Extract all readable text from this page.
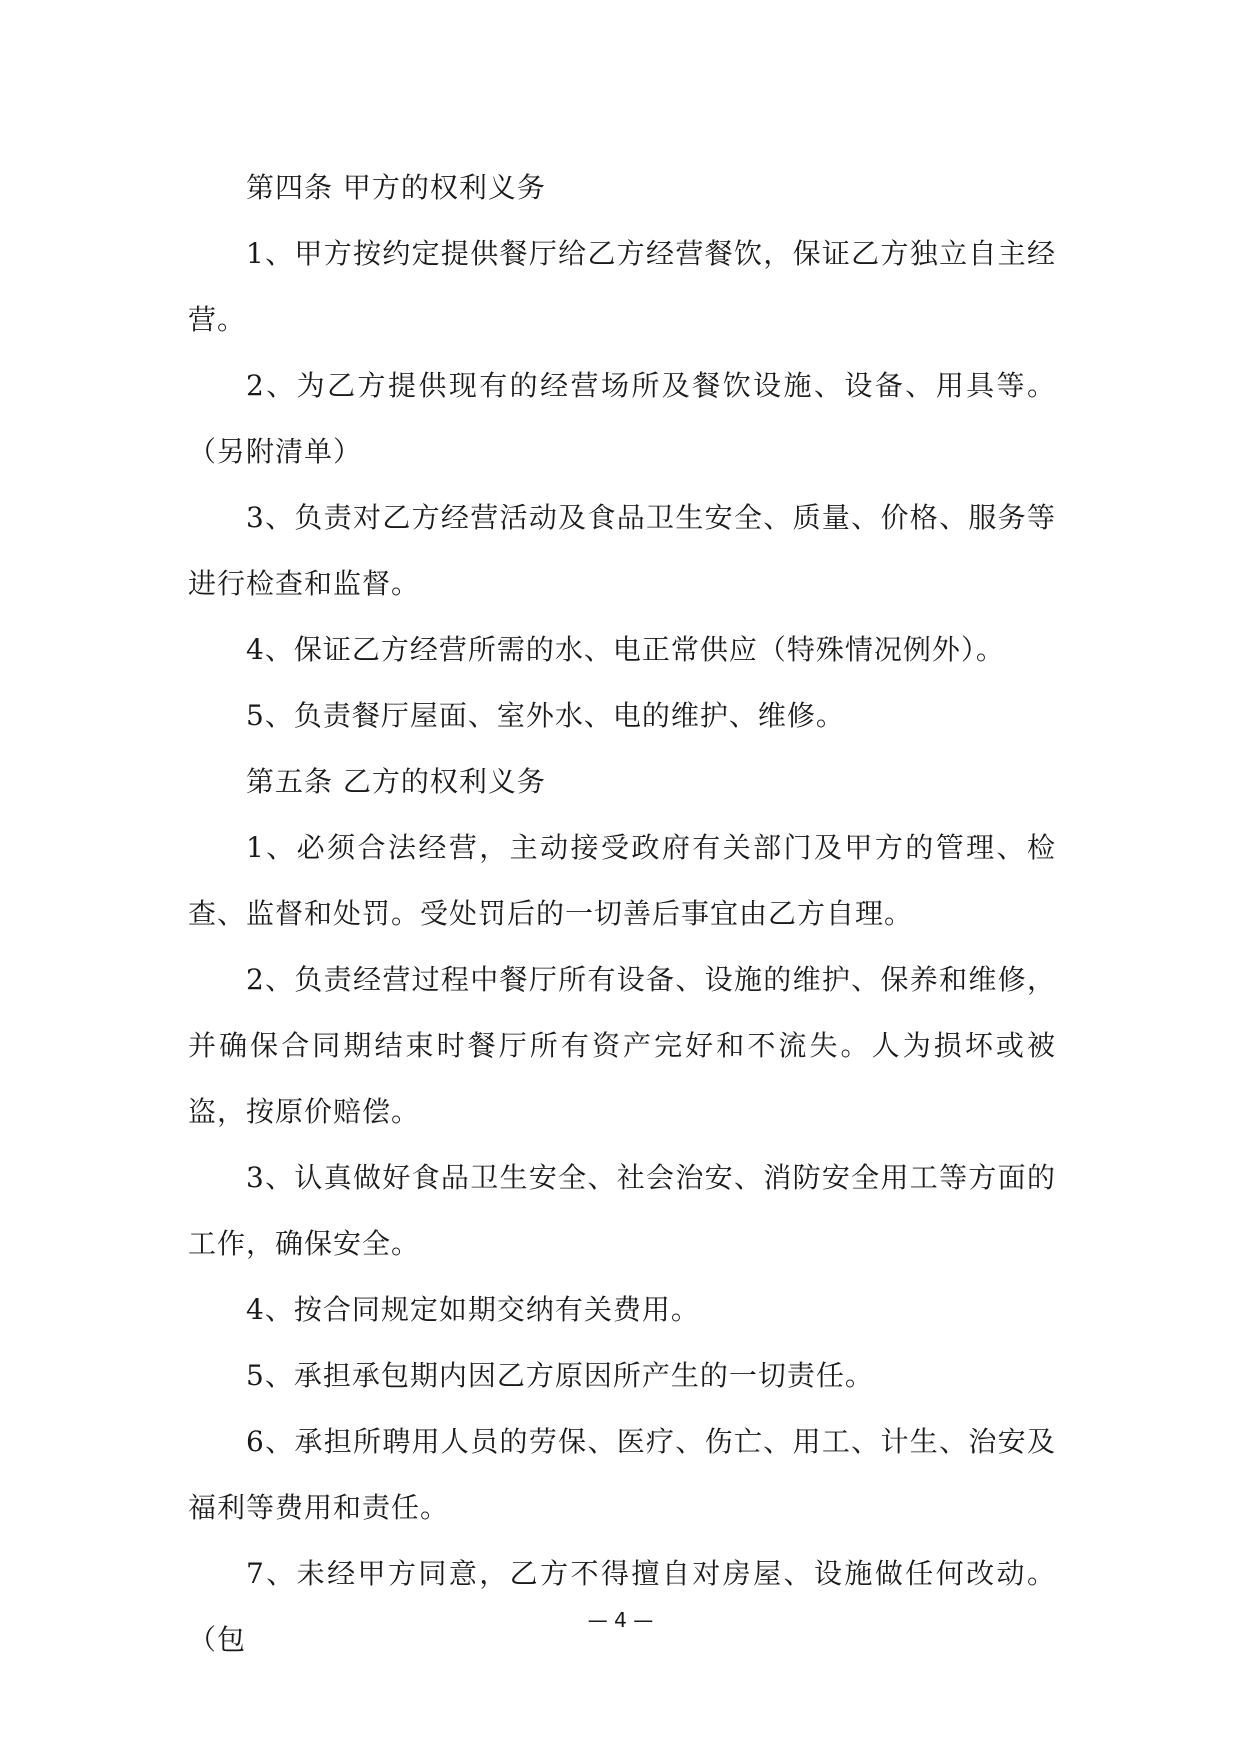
第四条 甲方的权利义务

1、甲方按约定提供餐厅给乙方经营餐饮，保证乙方独立自主经营。

2、为乙方提供现有的经营场所及餐饮设施、设备、用具等。（另附清单）

3、负责对乙方经营活动及食品卫生安全、质量、价格、服务等进行检查和监督。

4、保证乙方经营所需的水、电正常供应（特殊情况例外）。

5、负责餐厅屋面、室外水、电的维护、维修。

第五条 乙方的权利义务

1、必须合法经营，主动接受政府有关部门及甲方的管理、检查、监督和处罚。受处罚后的一切善后事宜由乙方自理。

2、负责经营过程中餐厅所有设备、设施的维护、保养和维修，并确保合同期结束时餐厅所有资产完好和不流失。人为损坏或被盗，按原价赔偿。

3、认真做好食品卫生安全、社会治安、消防安全用工等方面的工作，确保安全。

4、按合同规定如期交纳有关费用。

5、承担承包期内因乙方原因所产生的一切责任。

6、承担所聘用人员的劳保、医疗、伤亡、用工、计生、治安及福利等费用和责任。

7、未经甲方同意，乙方不得擅自对房屋、设施做任何改动。（包

— 4 —
